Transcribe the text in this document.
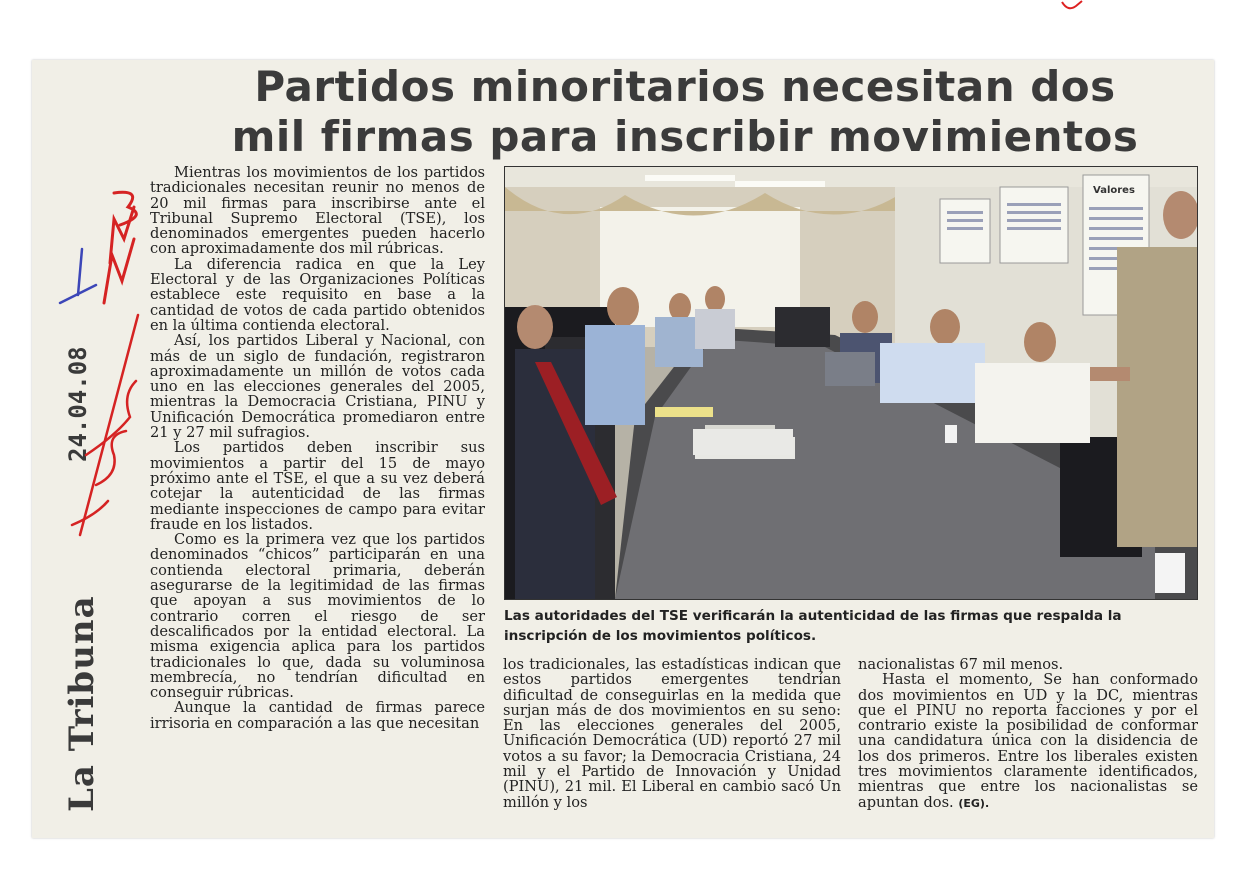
Partidos minoritarios necesitan dos
mil firmas para inscribir movimientos
La Tribuna
24.04.08

Mientras los movimientos de los partidos tradicionales necesitan reunir no menos de 20 mil firmas para inscribirse ante el Tribunal Supremo Electoral (TSE), los denominados emergentes pueden hacerlo con aproximadamente dos mil rúbricas.

La diferencia radica en que la Ley Electoral y de las Organizaciones Políticas establece este requisito en base a la cantidad de votos de cada partido obtenidos en la última contienda electoral.

Así, los partidos Liberal y Nacional, con más de un siglo de fundación, registraron aproximadamente un millón de votos cada uno en las elecciones generales del 2005, mientras la Democracia Cristiana, PINU y Unificación Democrática promediaron entre 21 y 27 mil sufragios.

Los partidos deben inscribir sus movimientos a partir del 15 de mayo próximo ante el TSE, el que a su vez deberá cotejar la autenticidad de las firmas mediante inspecciones de campo para evitar fraude en los listados.

Como es la primera vez que los partidos denominados “chicos” participarán en una contienda electoral primaria, deberán asegurarse de la legitimidad de las firmas que apoyan a sus movimientos de lo contrario corren el riesgo de ser descalificados por la entidad electoral. La misma exigencia aplica para los partidos tradicionales lo que, dada su voluminosa membrecía, no tendrían dificultad en conseguir rúbricas.

Aunque la cantidad de firmas parece irrisoria en comparación a las que necesitan

Valores
Las autoridades del TSE verificarán la autenticidad de las firmas que respalda la inscripción de los movimientos políticos.

los tradicionales, las estadísticas indican que estos partidos emergentes tendrían dificultad de conseguirlas en la medida que surjan más de dos movimientos en su seno: En las elecciones generales del 2005, Unificación Democrática (UD) reportó 27 mil votos a su favor; la Democracia Cristiana, 24 mil y el Partido de Innovación y Unidad (PINU), 21 mil. El Liberal en cambio sacó Un millón y los

nacionalistas 67 mil menos.

Hasta el momento, Se han conformado dos movimientos en UD y la DC, mientras que el PINU no reporta facciones y por el contrario existe la posibilidad de conformar una candidatura única con la disidencia de los dos primeros. Entre los liberales existen tres movimientos claramente identificados, mientras que entre los nacionalistas se apuntan dos. (EG).
